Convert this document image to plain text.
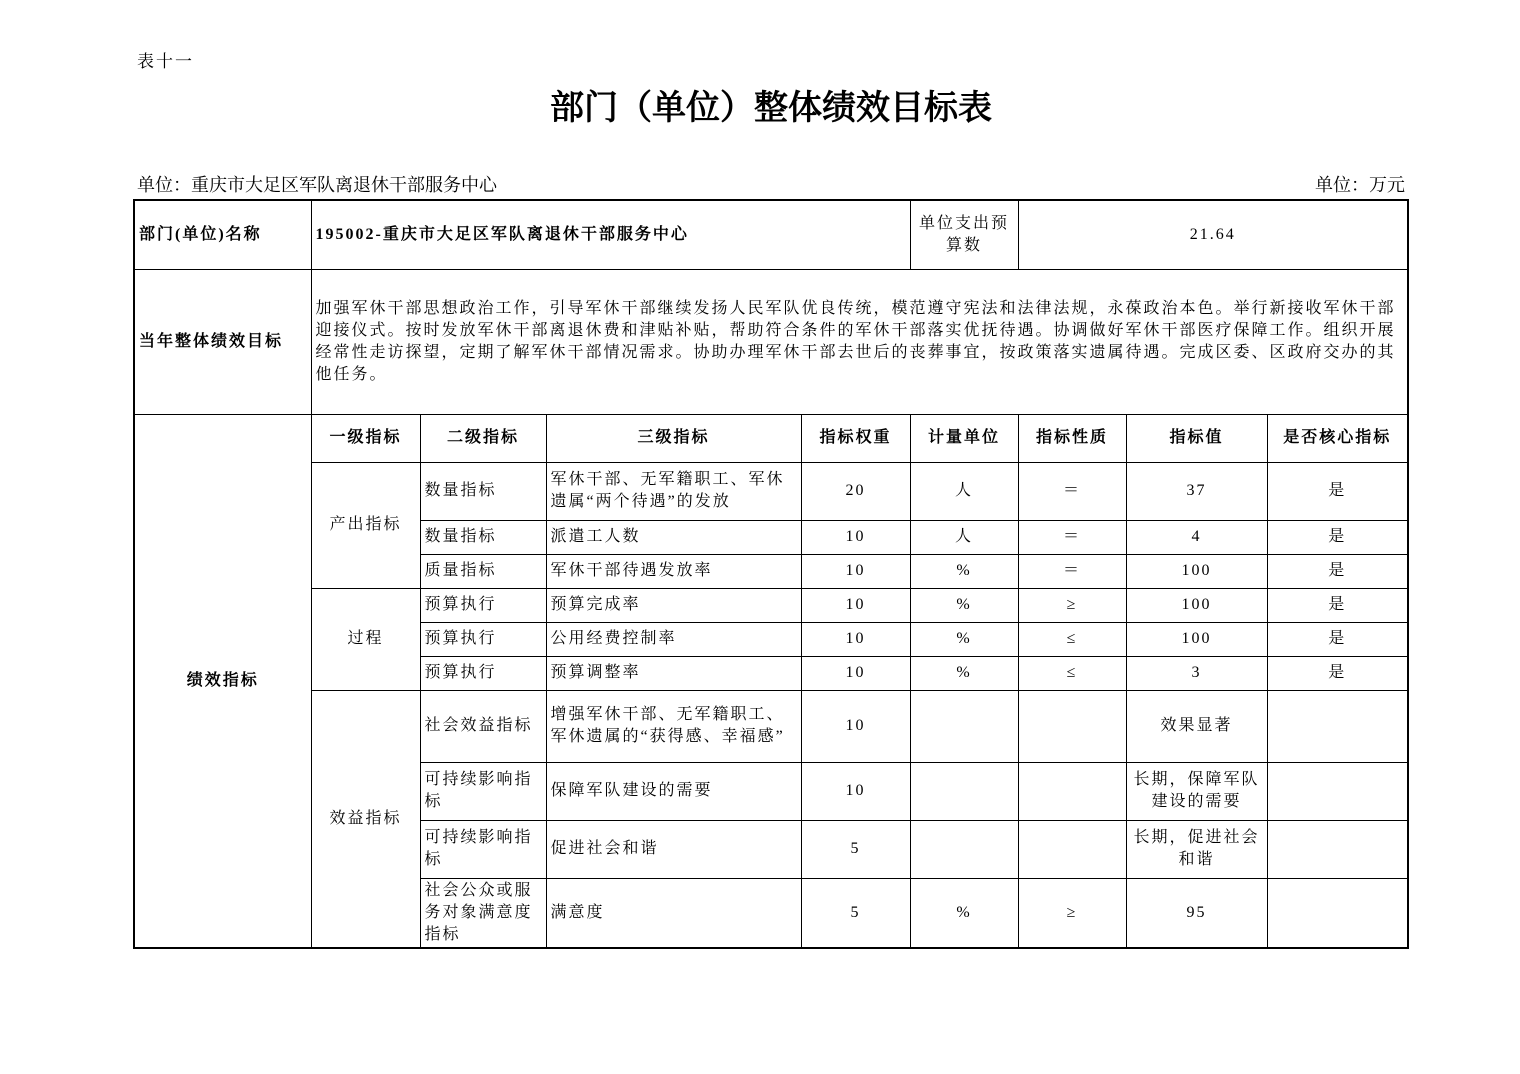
表十一
部门（单位）整体绩效目标表
单位：重庆市大足区军队离退休干部服务中心	单位：万元
部门(单位)名称	195002-重庆市大足区军队离退休干部服务中心				单位支出预算数	21.64		
当年整体绩效目标	加强军休干部思想政治工作，引导军休干部继续发扬人民军队优良传统，模范遵守宪法和法律法规，永葆政治本色。举行新接收军休干部迎接仪式。按时发放军休干部离退休费和津贴补贴，帮助符合条件的军休干部落实优抚待遇。协调做好军休干部医疗保障工作。组织开展经常性走访探望，定期了解军休干部情况需求。协助办理军休干部去世后的丧葬事宜，按政策落实遗属待遇。完成区委、区政府交办的其他任务。							
绩效指标	一级指标	二级指标	三级指标	指标权重	计量单位	指标性质	指标值	是否核心指标
	产出指标	数量指标	军休干部、无军籍职工、军休遗属“两个待遇”的发放	20	人	＝	37	是
		数量指标	派遣工人数	10	人	＝	4	是
		质量指标	军休干部待遇发放率	10	%	＝	100	是
	过程	预算执行	预算完成率	10	%	≥	100	是
		预算执行	公用经费控制率	10	%	≤	100	是
		预算执行	预算调整率	10	%	≤	3	是
	效益指标	社会效益指标	增强军休干部、无军籍职工、军休遗属的“获得感、幸福感”	10			效果显著	
		可持续影响指标	保障军队建设的需要	10			长期，保障军队建设的需要	
		可持续影响指标	促进社会和谐	5			长期，促进社会和谐	
		社会公众或服务对象满意度指标	满意度	5	%	≥	95	
